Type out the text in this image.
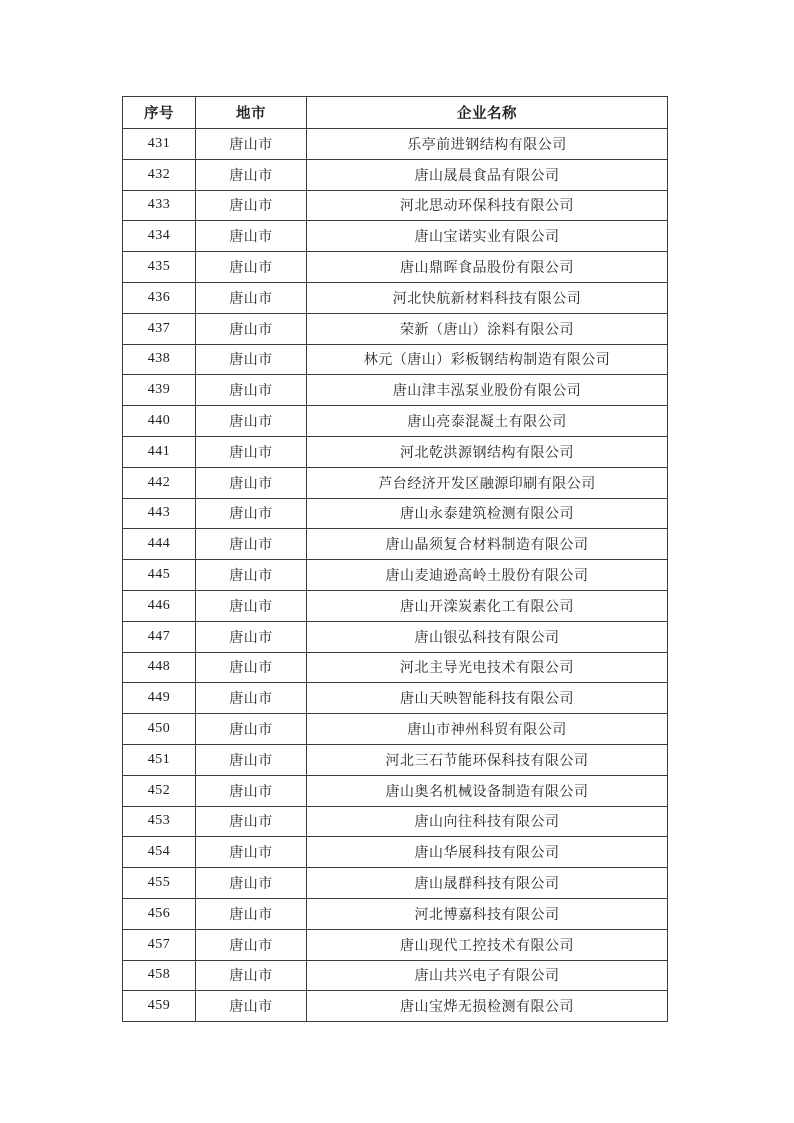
序号	地市	企业名称
431	唐山市	乐亭前进钢结构有限公司
432	唐山市	唐山晟晨食品有限公司
433	唐山市	河北思动环保科技有限公司
434	唐山市	唐山宝诺实业有限公司
435	唐山市	唐山鼎晖食品股份有限公司
436	唐山市	河北快航新材料科技有限公司
437	唐山市	荣新（唐山）涂料有限公司
438	唐山市	林元（唐山）彩板钢结构制造有限公司
439	唐山市	唐山津丰泓泵业股份有限公司
440	唐山市	唐山亮泰混凝土有限公司
441	唐山市	河北乾洪源钢结构有限公司
442	唐山市	芦台经济开发区融源印刷有限公司
443	唐山市	唐山永泰建筑检测有限公司
444	唐山市	唐山晶须复合材料制造有限公司
445	唐山市	唐山麦迪逊高岭土股份有限公司
446	唐山市	唐山开滦炭素化工有限公司
447	唐山市	唐山银弘科技有限公司
448	唐山市	河北主导光电技术有限公司
449	唐山市	唐山天映智能科技有限公司
450	唐山市	唐山市神州科贸有限公司
451	唐山市	河北三石节能环保科技有限公司
452	唐山市	唐山奥名机械设备制造有限公司
453	唐山市	唐山向往科技有限公司
454	唐山市	唐山华展科技有限公司
455	唐山市	唐山晟群科技有限公司
456	唐山市	河北博嘉科技有限公司
457	唐山市	唐山现代工控技术有限公司
458	唐山市	唐山共兴电子有限公司
459	唐山市	唐山宝烨无损检测有限公司
